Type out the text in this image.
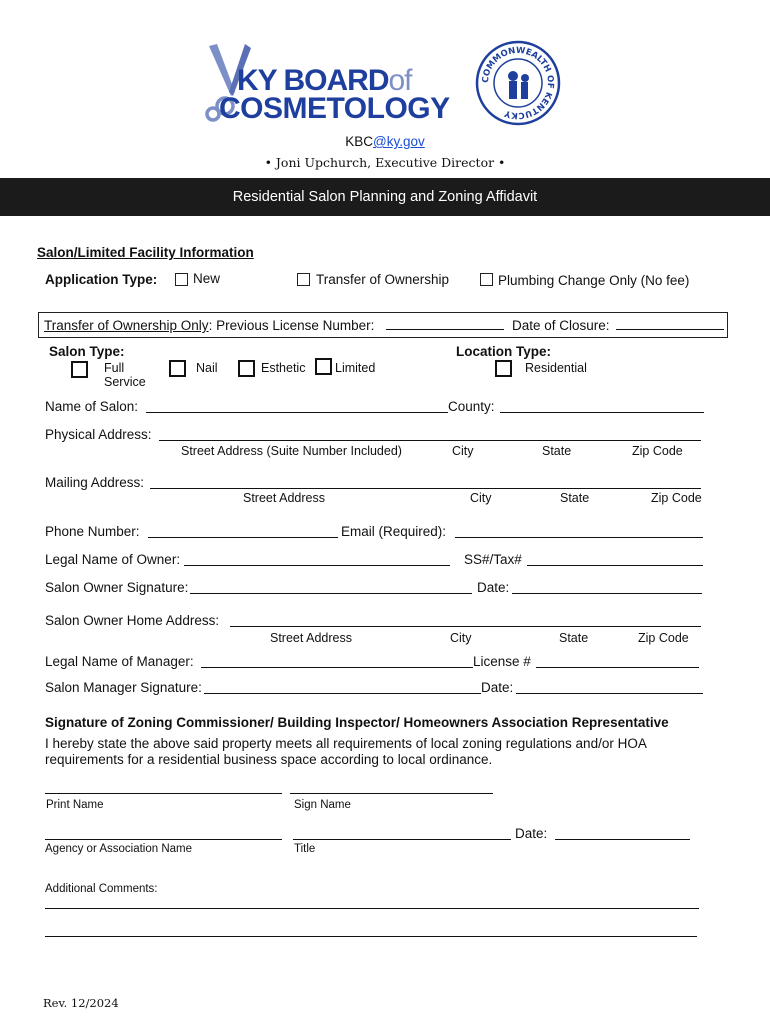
KY BOARDof
COSMETOLOGY
COMMONWEALTH OF KENTUCKY
KBC@ky.gov
• Joni Upchurch, Executive Director •
Residential Salon Planning and Zoning Affidavit
Salon/Limited Facility Information
Application Type:	New	Transfer of Ownership	Plumbing Change Only (No fee)
Transfer of Ownership Only: Previous License Number:	Date of Closure:
Salon Type:
Full
Service
Nail	Esthetic Limited
Location Type:
Residential
Name of Salon:	County:
Physical Address:
Street Address (Suite Number Included)	City	State	Zip Code
Mailing Address:
Street Address	City	State	Zip Code
Phone Number:	Email (Required):
Legal Name of Owner:	SS#/Tax#
Salon Owner Signature:	Date:
Salon Owner Home Address:
Street Address	City	State	Zip Code
Legal Name of Manager:	License #
Salon Manager Signature:	Date:
Signature of Zoning Commissioner/ Building Inspector/ Homeowners Association Representative
I hereby state the above said property meets all requirements of local zoning regulations and/or HOA
requirements for a residential business space according to local ordinance.
Print Name	Sign Name
Date:
Agency or Association Name	Title
Additional Comments:
Rev. 12/2024
